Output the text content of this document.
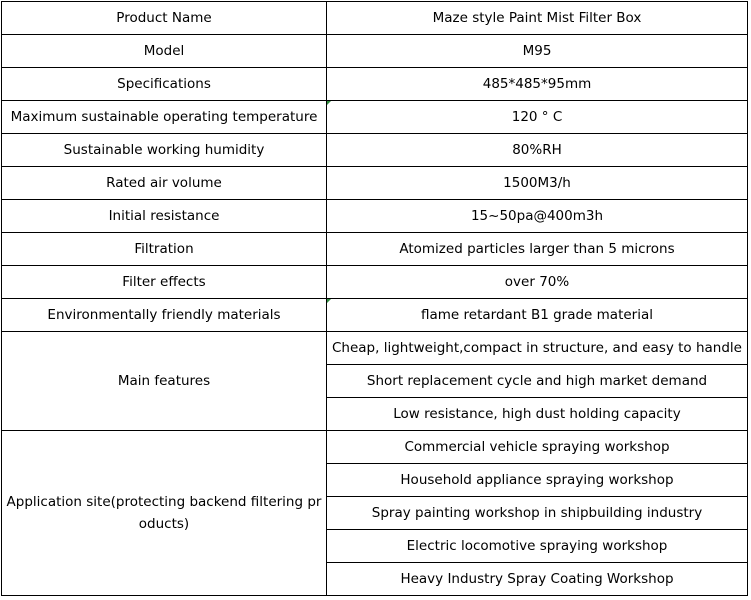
Product Name	Maze style Paint Mist Filter Box
Model	M95
Specifications	485*485*95mm
Maximum sustainable operating temperature	120 ° C
Sustainable working humidity	80%RH
Rated air volume	1500M3/h
Initial resistance	15~50pa@400m3h
Filtration	Atomized particles larger than 5 microns
Filter effects	over 70%
Environmentally friendly materials	flame retardant B1 grade material
Main features	Cheap, lightweight,compact in structure, and easy to handle
	Short replacement cycle and high market demand
	Low resistance, high dust holding capacity
Application site(protecting backend filtering products)	Commercial vehicle spraying workshop
	Household appliance spraying workshop
	Spray painting workshop in shipbuilding industry
	Electric locomotive spraying workshop
	Heavy Industry Spray Coating Workshop
